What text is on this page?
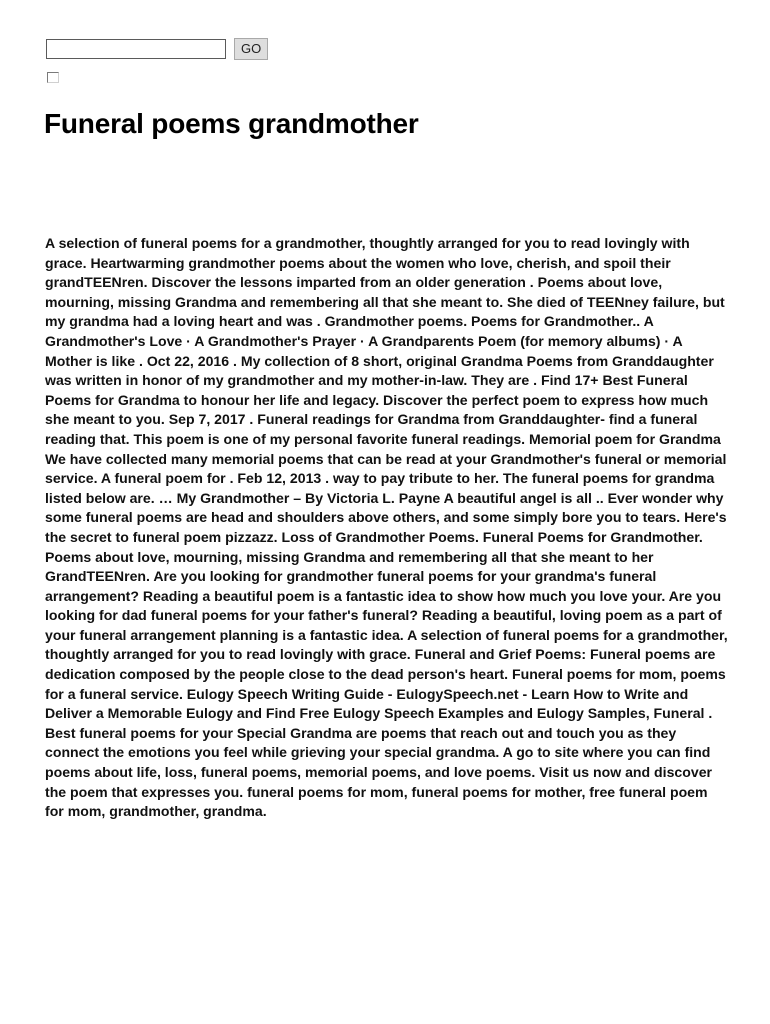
GO
Funeral poems grandmother

A selection of funeral poems for a grandmother, thoughtly arranged for you to read lovingly with grace. Heartwarming grandmother poems about the women who love, cherish, and spoil their grandTEENren. Discover the lessons imparted from an older generation . Poems about love, mourning, missing Grandma and remembering all that she meant to. She died of TEENney failure, but my grandma had a loving heart and was . Grandmother poems. Poems for Grandmother.. A Grandmother's Love · A Grandmother's Prayer · A Grandparents Poem (for memory albums) · A Mother is like . Oct 22, 2016 . My collection of 8 short, original Grandma Poems from Granddaughter was written in honor of my grandmother and my mother-in-law. They are . Find 17+ Best Funeral Poems for Grandma to honour her life and legacy. Discover the perfect poem to express how much she meant to you. Sep 7, 2017 . Funeral readings for Grandma from Granddaughter- find a funeral reading that. This poem is one of my personal favorite funeral readings. Memorial poem for Grandma We have collected many memorial poems that can be read at your Grandmother's funeral or memorial service. A funeral poem for . Feb 12, 2013 . way to pay tribute to her. The funeral poems for grandma listed below are. … My Grandmother – By Victoria L. Payne A beautiful angel is all .. Ever wonder why some funeral poems are head and shoulders above others, and some simply bore you to tears. Here's the secret to funeral poem pizzazz. Loss of Grandmother Poems. Funeral Poems for Grandmother. Poems about love, mourning, missing Grandma and remembering all that she meant to her GrandTEENren. Are you looking for grandmother funeral poems for your grandma's funeral arrangement? Reading a beautiful poem is a fantastic idea to show how much you love your. Are you looking for dad funeral poems for your father's funeral? Reading a beautiful, loving poem as a part of your funeral arrangement planning is a fantastic idea. A selection of funeral poems for a grandmother, thoughtly arranged for you to read lovingly with grace. Funeral and Grief Poems: Funeral poems are dedication composed by the people close to the dead person's heart. Funeral poems for mom, poems for a funeral service. Eulogy Speech Writing Guide - EulogySpeech.net - Learn How to Write and Deliver a Memorable Eulogy and Find Free Eulogy Speech Examples and Eulogy Samples, Funeral . Best funeral poems for your Special Grandma are poems that reach out and touch you as they connect the emotions you feel while grieving your special grandma. A go to site where you can find poems about life, loss, funeral poems, memorial poems, and love poems. Visit us now and discover the poem that expresses you. funeral poems for mom, funeral poems for mother, free funeral poem for mom, grandmother, grandma.
